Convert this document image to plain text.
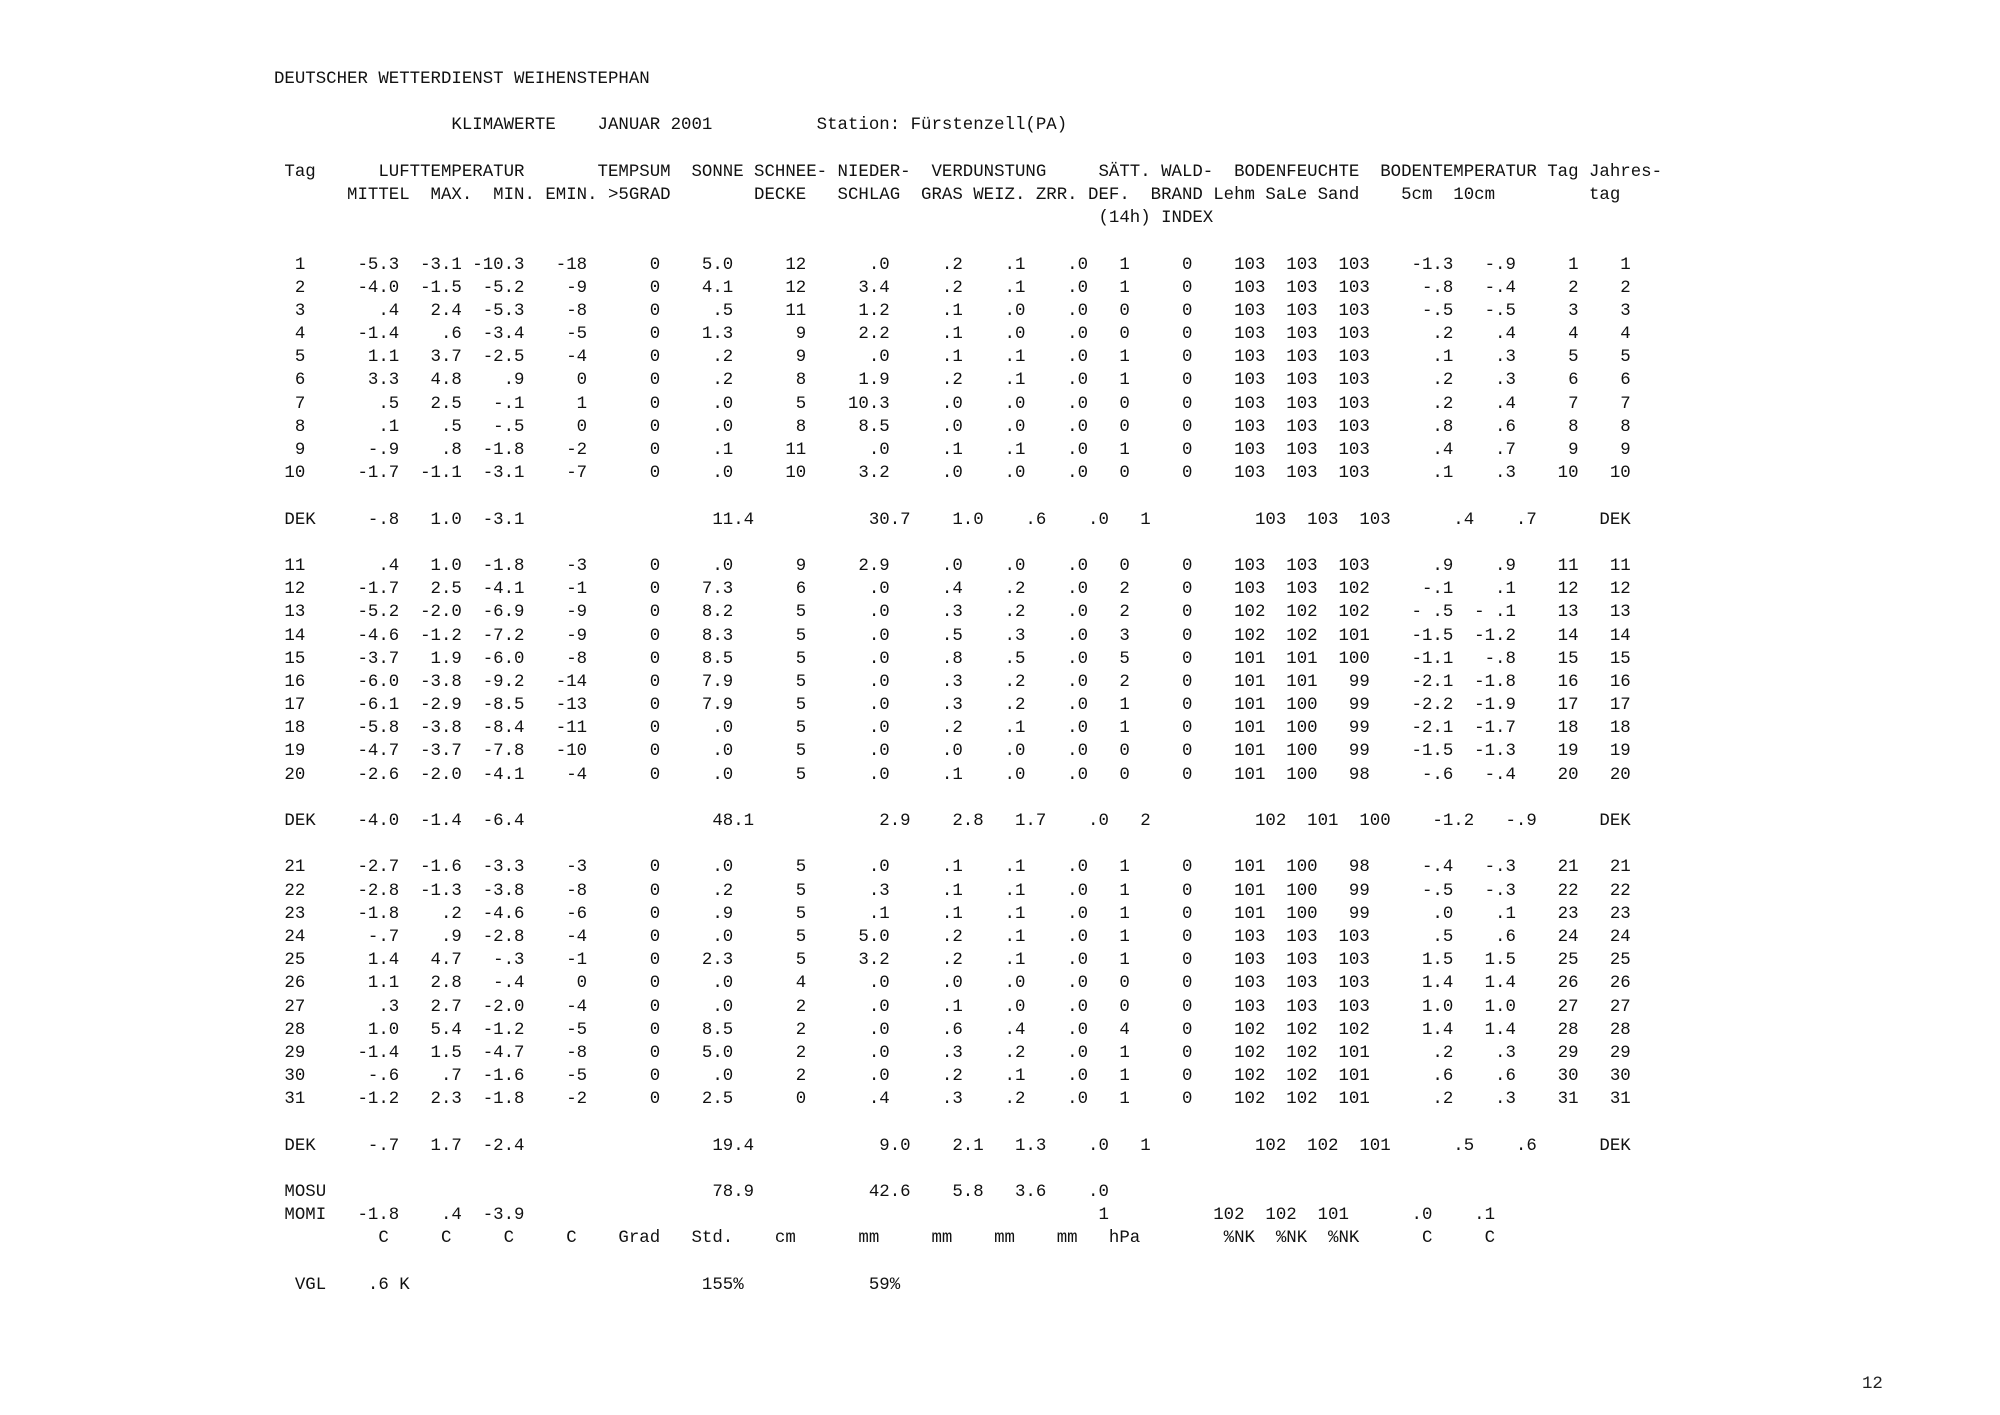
DEUTSCHER WETTERDIENST WEIHENSTEPHAN
KLIMAWERTE    JANUAR 2001          Station: Fürstenzell(PA)
Tag      LUFTTEMPERATUR       TEMPSUM  SONNE SCHNEE- NIEDER-  VERDUNSTUNG     SÄTT. WALD-  BODENFEUCHTE  BODENTEMPERATUR Tag Jahres-
MITTEL  MAX.  MIN. EMIN. >5GRAD        DECKE   SCHLAG  GRAS WEIZ. ZRR. DEF.  BRAND Lehm SaLe Sand    5cm  10cm         tag
(14h) INDEX
1     -5.3  -3.1 -10.3   -18      0    5.0     12      .0     .2    .1    .0   1     0    103  103  103    -1.3   -.9     1    1
2     -4.0  -1.5  -5.2    -9      0    4.1     12     3.4     .2    .1    .0   1     0    103  103  103     -.8   -.4     2    2
3       .4   2.4  -5.3    -8      0     .5     11     1.2     .1    .0    .0   0     0    103  103  103     -.5   -.5     3    3
4     -1.4    .6  -3.4    -5      0    1.3      9     2.2     .1    .0    .0   0     0    103  103  103      .2    .4     4    4
5      1.1   3.7  -2.5    -4      0     .2      9      .0     .1    .1    .0   1     0    103  103  103      .1    .3     5    5
6      3.3   4.8    .9     0      0     .2      8     1.9     .2    .1    .0   1     0    103  103  103      .2    .3     6    6
7       .5   2.5   -.1     1      0     .0      5    10.3     .0    .0    .0   0     0    103  103  103      .2    .4     7    7
8       .1    .5   -.5     0      0     .0      8     8.5     .0    .0    .0   0     0    103  103  103      .8    .6     8    8
9      -.9    .8  -1.8    -2      0     .1     11      .0     .1    .1    .0   1     0    103  103  103      .4    .7     9    9
10     -1.7  -1.1  -3.1    -7      0     .0     10     3.2     .0    .0    .0   0     0    103  103  103      .1    .3    10   10
DEK     -.8   1.0  -3.1                  11.4           30.7    1.0    .6    .0   1          103  103  103      .4    .7      DEK
11       .4   1.0  -1.8    -3      0     .0      9     2.9     .0    .0    .0   0     0    103  103  103      .9    .9    11   11
12     -1.7   2.5  -4.1    -1      0    7.3      6      .0     .4    .2    .0   2     0    103  103  102     -.1    .1    12   12
13     -5.2  -2.0  -6.9    -9      0    8.2      5      .0     .3    .2    .0   2     0    102  102  102    - .5  - .1    13   13
14     -4.6  -1.2  -7.2    -9      0    8.3      5      .0     .5    .3    .0   3     0    102  102  101    -1.5  -1.2    14   14
15     -3.7   1.9  -6.0    -8      0    8.5      5      .0     .8    .5    .0   5     0    101  101  100    -1.1   -.8    15   15
16     -6.0  -3.8  -9.2   -14      0    7.9      5      .0     .3    .2    .0   2     0    101  101   99    -2.1  -1.8    16   16
17     -6.1  -2.9  -8.5   -13      0    7.9      5      .0     .3    .2    .0   1     0    101  100   99    -2.2  -1.9    17   17
18     -5.8  -3.8  -8.4   -11      0     .0      5      .0     .2    .1    .0   1     0    101  100   99    -2.1  -1.7    18   18
19     -4.7  -3.7  -7.8   -10      0     .0      5      .0     .0    .0    .0   0     0    101  100   99    -1.5  -1.3    19   19
20     -2.6  -2.0  -4.1    -4      0     .0      5      .0     .1    .0    .0   0     0    101  100   98     -.6   -.4    20   20
DEK    -4.0  -1.4  -6.4                  48.1            2.9    2.8   1.7    .0   2          102  101  100    -1.2   -.9      DEK
21     -2.7  -1.6  -3.3    -3      0     .0      5      .0     .1    .1    .0   1     0    101  100   98     -.4   -.3    21   21
22     -2.8  -1.3  -3.8    -8      0     .2      5      .3     .1    .1    .0   1     0    101  100   99     -.5   -.3    22   22
23     -1.8    .2  -4.6    -6      0     .9      5      .1     .1    .1    .0   1     0    101  100   99      .0    .1    23   23
24      -.7    .9  -2.8    -4      0     .0      5     5.0     .2    .1    .0   1     0    103  103  103      .5    .6    24   24
25      1.4   4.7   -.3    -1      0    2.3      5     3.2     .2    .1    .0   1     0    103  103  103     1.5   1.5    25   25
26      1.1   2.8   -.4     0      0     .0      4      .0     .0    .0    .0   0     0    103  103  103     1.4   1.4    26   26
27       .3   2.7  -2.0    -4      0     .0      2      .0     .1    .0    .0   0     0    103  103  103     1.0   1.0    27   27
28      1.0   5.4  -1.2    -5      0    8.5      2      .0     .6    .4    .0   4     0    102  102  102     1.4   1.4    28   28
29     -1.4   1.5  -4.7    -8      0    5.0      2      .0     .3    .2    .0   1     0    102  102  101      .2    .3    29   29
30      -.6    .7  -1.6    -5      0     .0      2      .0     .2    .1    .0   1     0    102  102  101      .6    .6    30   30
31     -1.2   2.3  -1.8    -2      0    2.5      0      .4     .3    .2    .0   1     0    102  102  101      .2    .3    31   31
DEK     -.7   1.7  -2.4                  19.4            9.0    2.1   1.3    .0   1          102  102  101      .5    .6      DEK
MOSU                                     78.9           42.6    5.8   3.6    .0
MOMI   -1.8    .4  -3.9                                                       1          102  102  101      .0    .1
C     C     C     C    Grad   Std.    cm      mm     mm    mm    mm   hPa        %NK  %NK  %NK      C     C
VGL    .6 K                            155%            59%
12
